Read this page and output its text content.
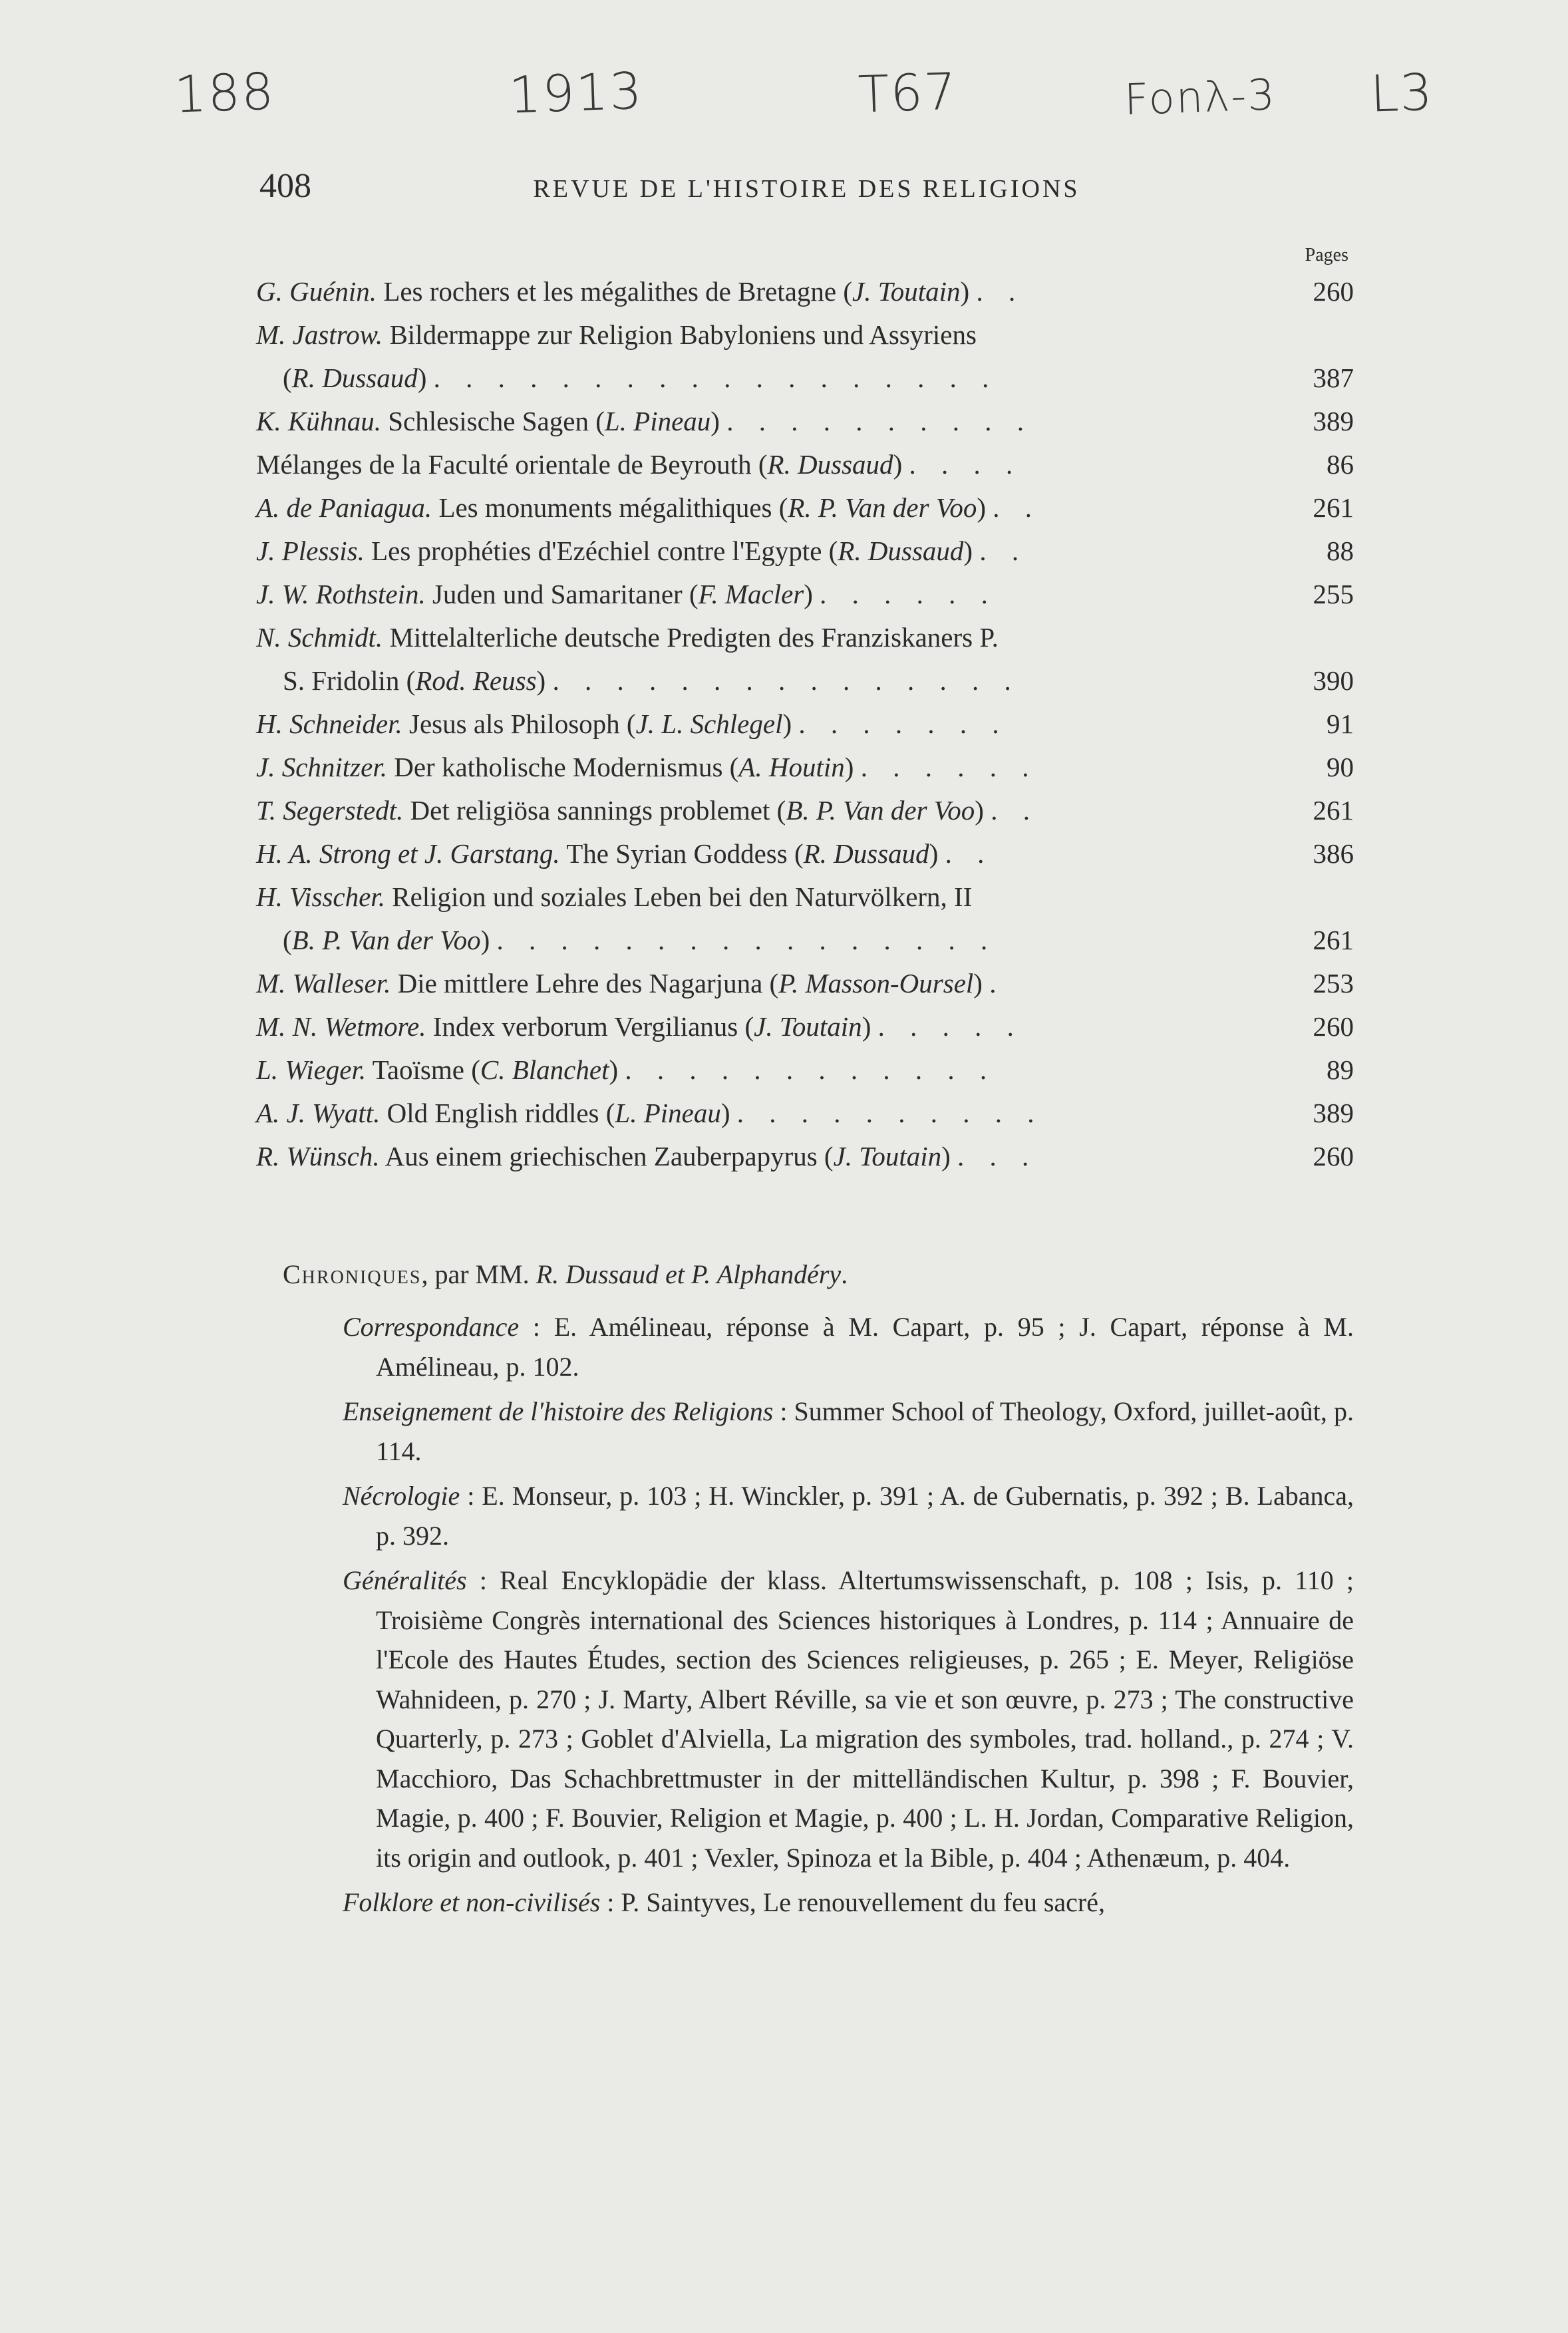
188	1913	T67	Fonλ-3 L3
408	REVUE DE L'HISTOIRE DES RELIGIONS
Pages
G. Guénin. Les rochers et les mégalithes de Bretagne (J. Toutain) . .	260
M. Jastrow. Bildermappe zur Religion Babyloniens und Assyriens
(R. Dussaud) . . . . . . . . . . . . . . . . . .	387
K. Kühnau. Schlesische Sagen (L. Pineau) . . . . . . . . . .	389
Mélanges de la Faculté orientale de Beyrouth (R. Dussaud) . . . .	86
A. de Paniagua. Les monuments mégalithiques (R. P. Van der Voo) . .	261
J. Plessis. Les prophéties d'Ezéchiel contre l'Egypte (R. Dussaud) . .	88
J. W. Rothstein. Juden und Samaritaner (F. Macler) . . . . . .	255
N. Schmidt. Mittelalterliche deutsche Predigten des Franziskaners P.
S. Fridolin (Rod. Reuss) . . . . . . . . . . . . . . .	390
H. Schneider. Jesus als Philosoph (J. L. Schlegel) . . . . . . .	91
J. Schnitzer. Der katholische Modernismus (A. Houtin) . . . . . .	90
T. Segerstedt. Det religiösa sannings problemet (B. P. Van der Voo) . .	261
H. A. Strong et J. Garstang. The Syrian Goddess (R. Dussaud) . .	386
H. Visscher. Religion und soziales Leben bei den Naturvölkern, II
(B. P. Van der Voo) . . . . . . . . . . . . . . . .	261
M. Walleser. Die mittlere Lehre des Nagarjuna (P. Masson-Oursel) .	253
M. N. Wetmore. Index verborum Vergilianus (J. Toutain) . . . . .	260
L. Wieger. Taoïsme (C. Blanchet) . . . . . . . . . . . .	89
A. J. Wyatt. Old English riddles (L. Pineau) . . . . . . . . . .	389
R. Wünsch. Aus einem griechischen Zauberpapyrus (J. Toutain) . . .	260
Chroniques, par MM. R. Dussaud et P. Alphandéry.

Correspondance : E. Amélineau, réponse à M. Capart, p. 95 ; J. Capart, réponse à M. Amélineau, p. 102.

Enseignement de l'histoire des Religions : Summer School of Theology, Oxford, juillet-août, p. 114.

Nécrologie : E. Monseur, p. 103 ; H. Winckler, p. 391 ; A. de Gubernatis, p. 392 ; B. Labanca, p. 392.

Généralités : Real Encyklopädie der klass. Altertumswissenschaft, p. 108 ; Isis, p. 110 ; Troisième Congrès international des Sciences historiques à Londres, p. 114 ; Annuaire de l'Ecole des Hautes Études, section des Sciences religieuses, p. 265 ; E. Meyer, Religiöse Wahnideen, p. 270 ; J. Marty, Albert Réville, sa vie et son œuvre, p. 273 ; The constructive Quarterly, p. 273 ; Goblet d'Alviella, La migration des symboles, trad. holland., p. 274 ; V. Macchioro, Das Schachbrettmuster in der mittelländischen Kultur, p. 398 ; F. Bouvier, Magie, p. 400 ; F. Bouvier, Religion et Magie, p. 400 ; L. H. Jordan, Comparative Religion, its origin and outlook, p. 401 ; Vexler, Spinoza et la Bible, p. 404 ; Athenæum, p. 404.

Folklore et non-civilisés : P. Saintyves, Le renouvellement du feu sacré,
